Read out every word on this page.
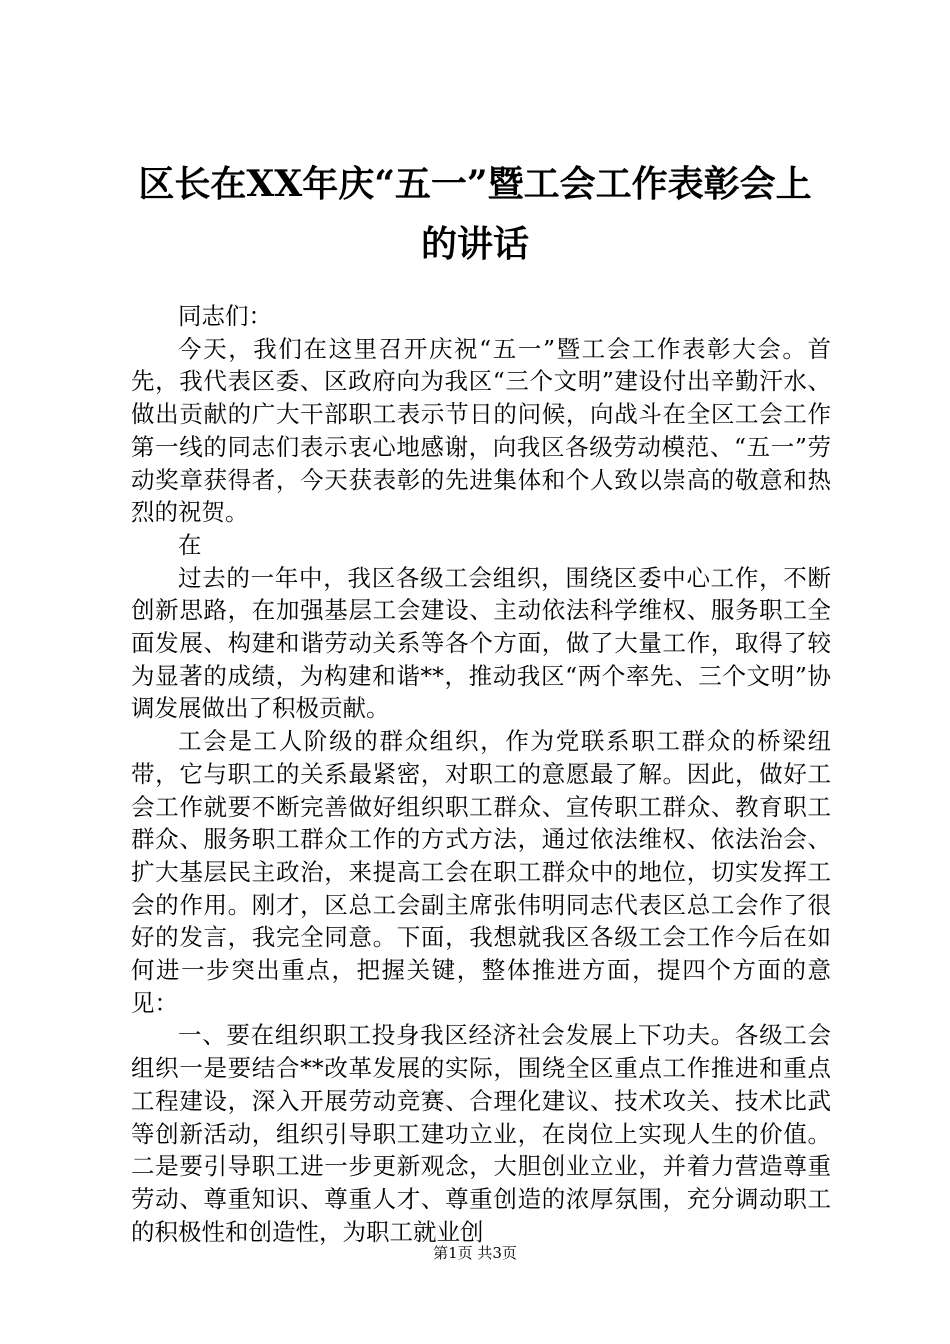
区长在XX年庆“五一”暨工会工作表彰会上
的讲话

同志们：

今天，我们在这里召开庆祝“五一”暨工会工作表彰大会。首先，我代表区委、区政府向为我区“三个文明”建设付出辛勤汗水、做出贡献的广大干部职工表示节日的问候，向战斗在全区工会工作第一线的同志们表示衷心地感谢，向我区各级劳动模范、“五一”劳动奖章获得者，今天获表彰的先进集体和个人致以崇高的敬意和热烈的祝贺。

在

过去的一年中，我区各级工会组织，围绕区委中心工作，不断创新思路，在加强基层工会建设、主动依法科学维权、服务职工全面发展、构建和谐劳动关系等各个方面，做了大量工作，取得了较为显著的成绩，为构建和谐**，推动我区“两个率先、三个文明”协调发展做出了积极贡献。

工会是工人阶级的群众组织，作为党联系职工群众的桥梁纽带，它与职工的关系最紧密，对职工的意愿最了解。因此，做好工会工作就要不断完善做好组织职工群众、宣传职工群众、教育职工群众、服务职工群众工作的方式方法，通过依法维权、依法治会、扩大基层民主政治，来提高工会在职工群众中的地位，切实发挥工会的作用。刚才，区总工会副主席张伟明同志代表区总工会作了很好的发言，我完全同意。下面，我想就我区各级工会工作今后在如何进一步突出重点，把握关键，整体推进方面，提四个方面的意见：

一、要在组织职工投身我区经济社会发展上下功夫。各级工会组织一是要结合**改革发展的实际，围绕全区重点工作推进和重点工程建设，深入开展劳动竞赛、合理化建议、技术攻关、技术比武等创新活动，组织引导职工建功立业，在岗位上实现人生的价值。二是要引导职工进一步更新观念，大胆创业立业，并着力营造尊重劳动、尊重知识、尊重人才、尊重创造的浓厚氛围，充分调动职工的积极性和创造性，为职工就业创

第1页 共3页
